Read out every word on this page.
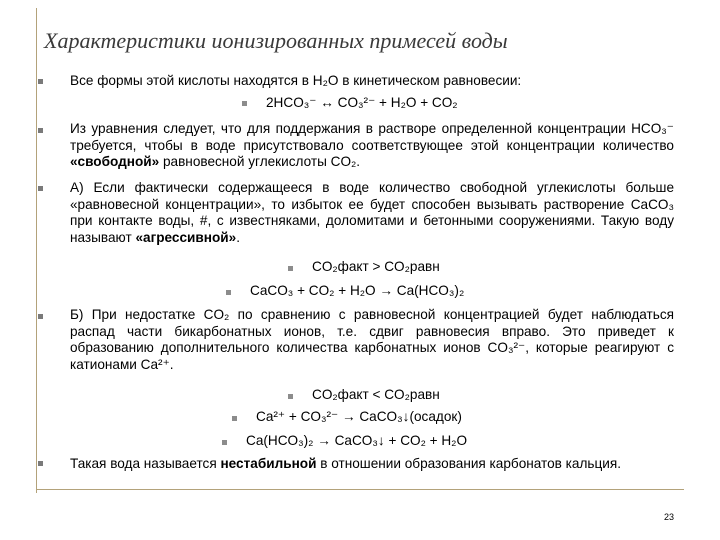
Характеристики ионизированных примесей воды
Все формы этой кислоты находятся в H₂O в кинетическом равновесии:
2HCO₃⁻ ↔ CO₃²⁻ + H₂O + CO₂
Из уравнения следует, что для поддержания в растворе определенной концентрации HCO₃⁻ требуется, чтобы в воде присутствовало соответствующее этой концентрации количество «свободной» равновесной углекислоты CO₂.
А) Если фактически содержащееся в воде количество свободной углекислоты больше «равновесной концентрации», то избыток ее будет способен вызывать растворение CaCO₃ при контакте воды, #, с известняками, доломитами и бетонными сооружениями. Такую воду называют «агрессивной».
CO₂факт > CO₂равн
CaCO₃ + CO₂ + H₂O → Ca(HCO₃)₂
Б) При недостатке CO₂ по сравнению с равновесной концентрацией будет наблюдаться распад части бикарбонатных ионов, т.е. сдвиг равновесия вправо. Это приведет к образованию дополнительного количества карбонатных ионов CO₃²⁻, которые реагируют с катионами Ca²⁺.
CO₂факт < CO₂равн
Ca²⁺ + CO₃²⁻ → CaCO₃↓(осадок)
Ca(HCO₃)₂ → CaCO₃↓ + CO₂ + H₂O
Такая вода называется нестабильной в отношении образования карбонатов кальция.
23
